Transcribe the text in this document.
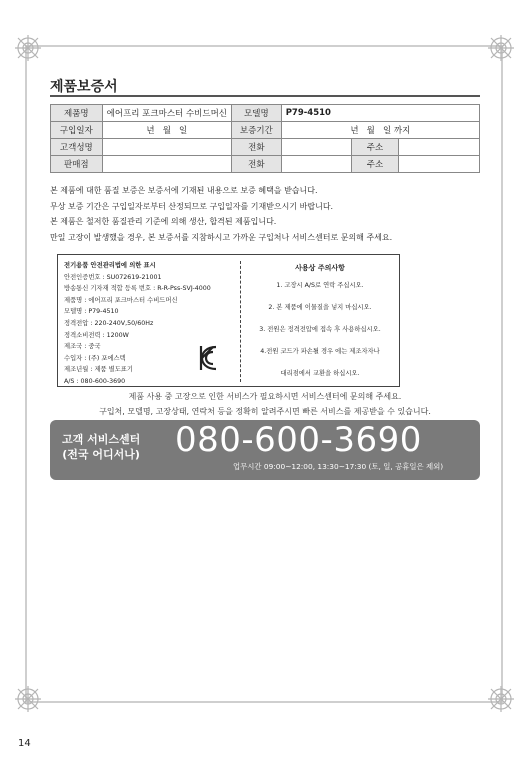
제품보증서
제품명	에어프리 포크마스터 수비드머신	모델명	P79-4510		
구입일자	년   월   일	보증기간	년   월   일 까지		
고객성명		전화		주소	
판매점		전화		주소	

본 제품에 대한 품질 보증은 보증서에 기재된 내용으로 보증 혜택을 받습니다.

무상 보증 기간은 구입일자로부터 산정되므로 구입일자를 기재받으시기 바랍니다.

본 제품은 철저한 품질관리 기준에 의해 생산, 합격된 제품입니다.

만일 고장이 발생했을 경우, 본 보증서를 지참하시고 가까운 구입처나 서비스센터로 문의해 주세요.

전기용품 안전관리법에 의한 표시
안전인증번호 : SU072619-21001
방송통신 기자재 적합 등록 번호 : R-R-Pss-SVJ-4000
제품명 : 에어프리 포크마스터 수비드머신
모델명 : P79-4510
정격전압 : 220-240V,50/60Hz
정격소비전력 : 1200W
제조국 : 중국
수입자 : (주) 포에스텍
제조년월 : 제품 별도표기
A/S : 080-600-3690
사용상 주의사항
1. 고장시 A/S로 연락 주십시오.
2. 본 제품에 이물질을 넣지 마십시오.
3. 전원은 정격전압에 접속 후 사용하십시오.
4.전원 코드가 파손될 경우 에는 제조자자나
대리점에서 교환을 하십시오.

제품 사용 중 고장으로 인한 서비스가 필요하시면 서비스센터에 문의해 주세요.

구입처, 모델명, 고장상태, 연락처 등을 정확히 알려주시면 빠른 서비스를 제공받을 수 있습니다.

고객 서비스센터
(전국 어디서나) 080-600-3690
업무시간 09:00~12:00, 13:30~17:30 (토, 일, 공휴일은 제외)
14
